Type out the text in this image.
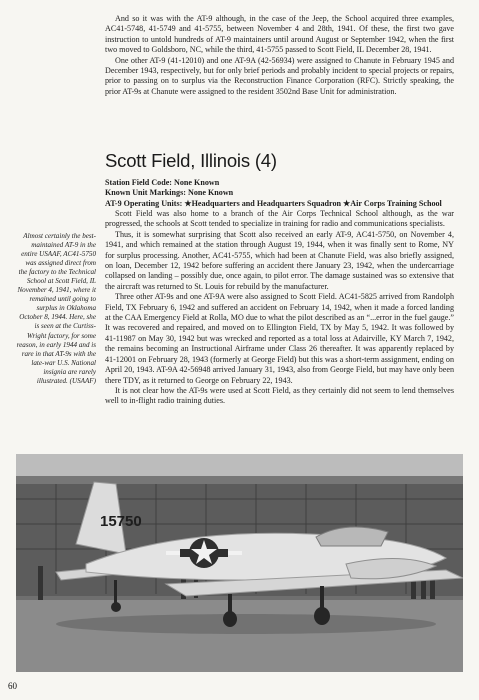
And so it was with the AT-9 although, in the case of the Jeep, the School acquired three examples, AC41-5748, 41-5749 and 41-5755, between November 4 and 28th, 1941. Of these, the first two gave instruction to untold hundreds of AT-9 maintainers until around August or September 1942, when the first two moved to Goldsboro, NC, while the third, 41-5755 passed to Scott Field, IL December 28, 1941.

One other AT-9 (41-12010) and one AT-9A (42-56934) were assigned to Chanute in February 1945 and December 1943, respectively, but for only brief periods and probably incident to special projects or repairs, prior to passing on to surplus via the Reconstruction Finance Corporation (RFC). Strictly speaking, the prior AT-9s at Chanute were assigned to the resident 3502nd Base Unit for administration.

Scott Field, Illinois (4)
Station Field Code: None Known
Known Unit Markings: None Known
AT-9 Operating Units: ★Headquarters and Headquarters Squadron ★Air Corps Training School

Scott Field was also home to a branch of the Air Corps Technical School although, as the war progressed, the schools at Scott tended to specialize in training for radio and communications specialists.

Thus, it is somewhat surprising that Scott also received an early AT-9, AC41-5750, on November 4, 1941, and which remained at the station through August 19, 1944, when it was finally sent to Rome, NY for surplus processing. Another, AC41-5755, which had been at Chanute Field, was also briefly assigned, on loan, December 12, 1942 before suffering an accident there January 23, 1942, when the undercarriage collapsed on landing – possibly due, once again, to pilot error. The damage sustained was so extensive that the aircraft was returned to St. Louis for rebuild by the manufacturer.

Three other AT-9s and one AT-9A were also assigned to Scott Field. AC41-5825 arrived from Randolph Field, TX February 6, 1942 and suffered an accident on February 14, 1942, when it made a forced landing at the CAA Emergency Field at Rolla, MO due to what the pilot described as an “...error in the fuel gauge.” It was recovered and repaired, and moved on to Ellington Field, TX by May 5, 1942. It was followed by 41-11987 on May 30, 1942 but was wrecked and reported as a total loss at Adairville, KY March 7, 1942, the remains becoming an Instructional Airframe under Class 26 thereafter. It was apparently replaced by 41-12001 on February 28, 1943 (formerly at George Field) but this was a short-term assignment, ending on April 20, 1943. AT-9A 42-56948 arrived January 31, 1943, also from George Field, but may have only been there TDY, as it returned to George on February 22, 1943.

It is not clear how the AT-9s were used at Scott Field, as they certainly did not seem to lend themselves well to in-flight radio training duties.

Almost certainly the best-maintained AT-9 in the entire USAAF, AC41-5750 was assigned direct from the factory to the Technical School at Scott Field, IL November 4, 1941, where it remained until going to surplus in Oklahoma October 8, 1944. Here, she is seen at the Curtiss-Wright factory, for some reason, in early 1944 and is rare in that AT-9s with the late-war U.S. National insignia are rarely illustrated. (USAAF)

15750
60
